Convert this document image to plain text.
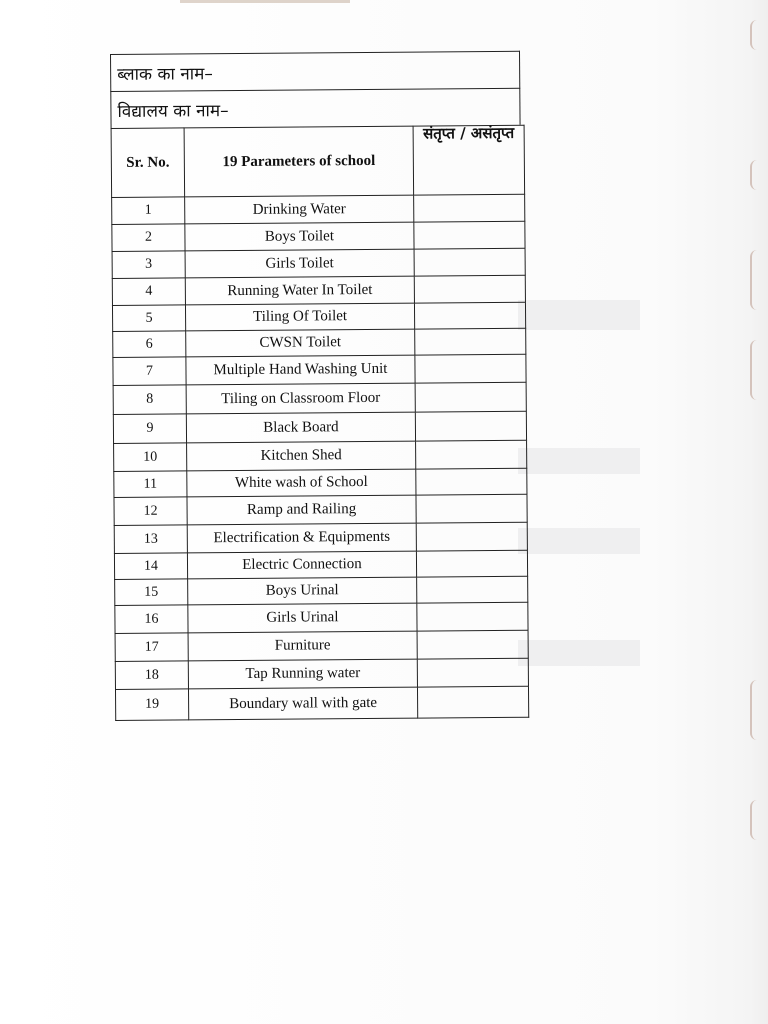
ब्लाक का नाम–
विद्यालय का नाम–
Sr. No.	19 Parameters of school	संतृप्त / असंतृप्त
1	Drinking Water	
2	Boys Toilet	
3	Girls Toilet	
4	Running Water In Toilet	
5	Tiling Of Toilet	
6	CWSN Toilet	
7	Multiple Hand Washing Unit	
8	Tiling on Classroom Floor	
9	Black Board	
10	Kitchen Shed	
11	White wash of School	
12	Ramp and Railing	
13	Electrification & Equipments	
14	Electric Connection	
15	Boys Urinal	
16	Girls Urinal	
17	Furniture	
18	Tap Running water	
19	Boundary wall with gate	
